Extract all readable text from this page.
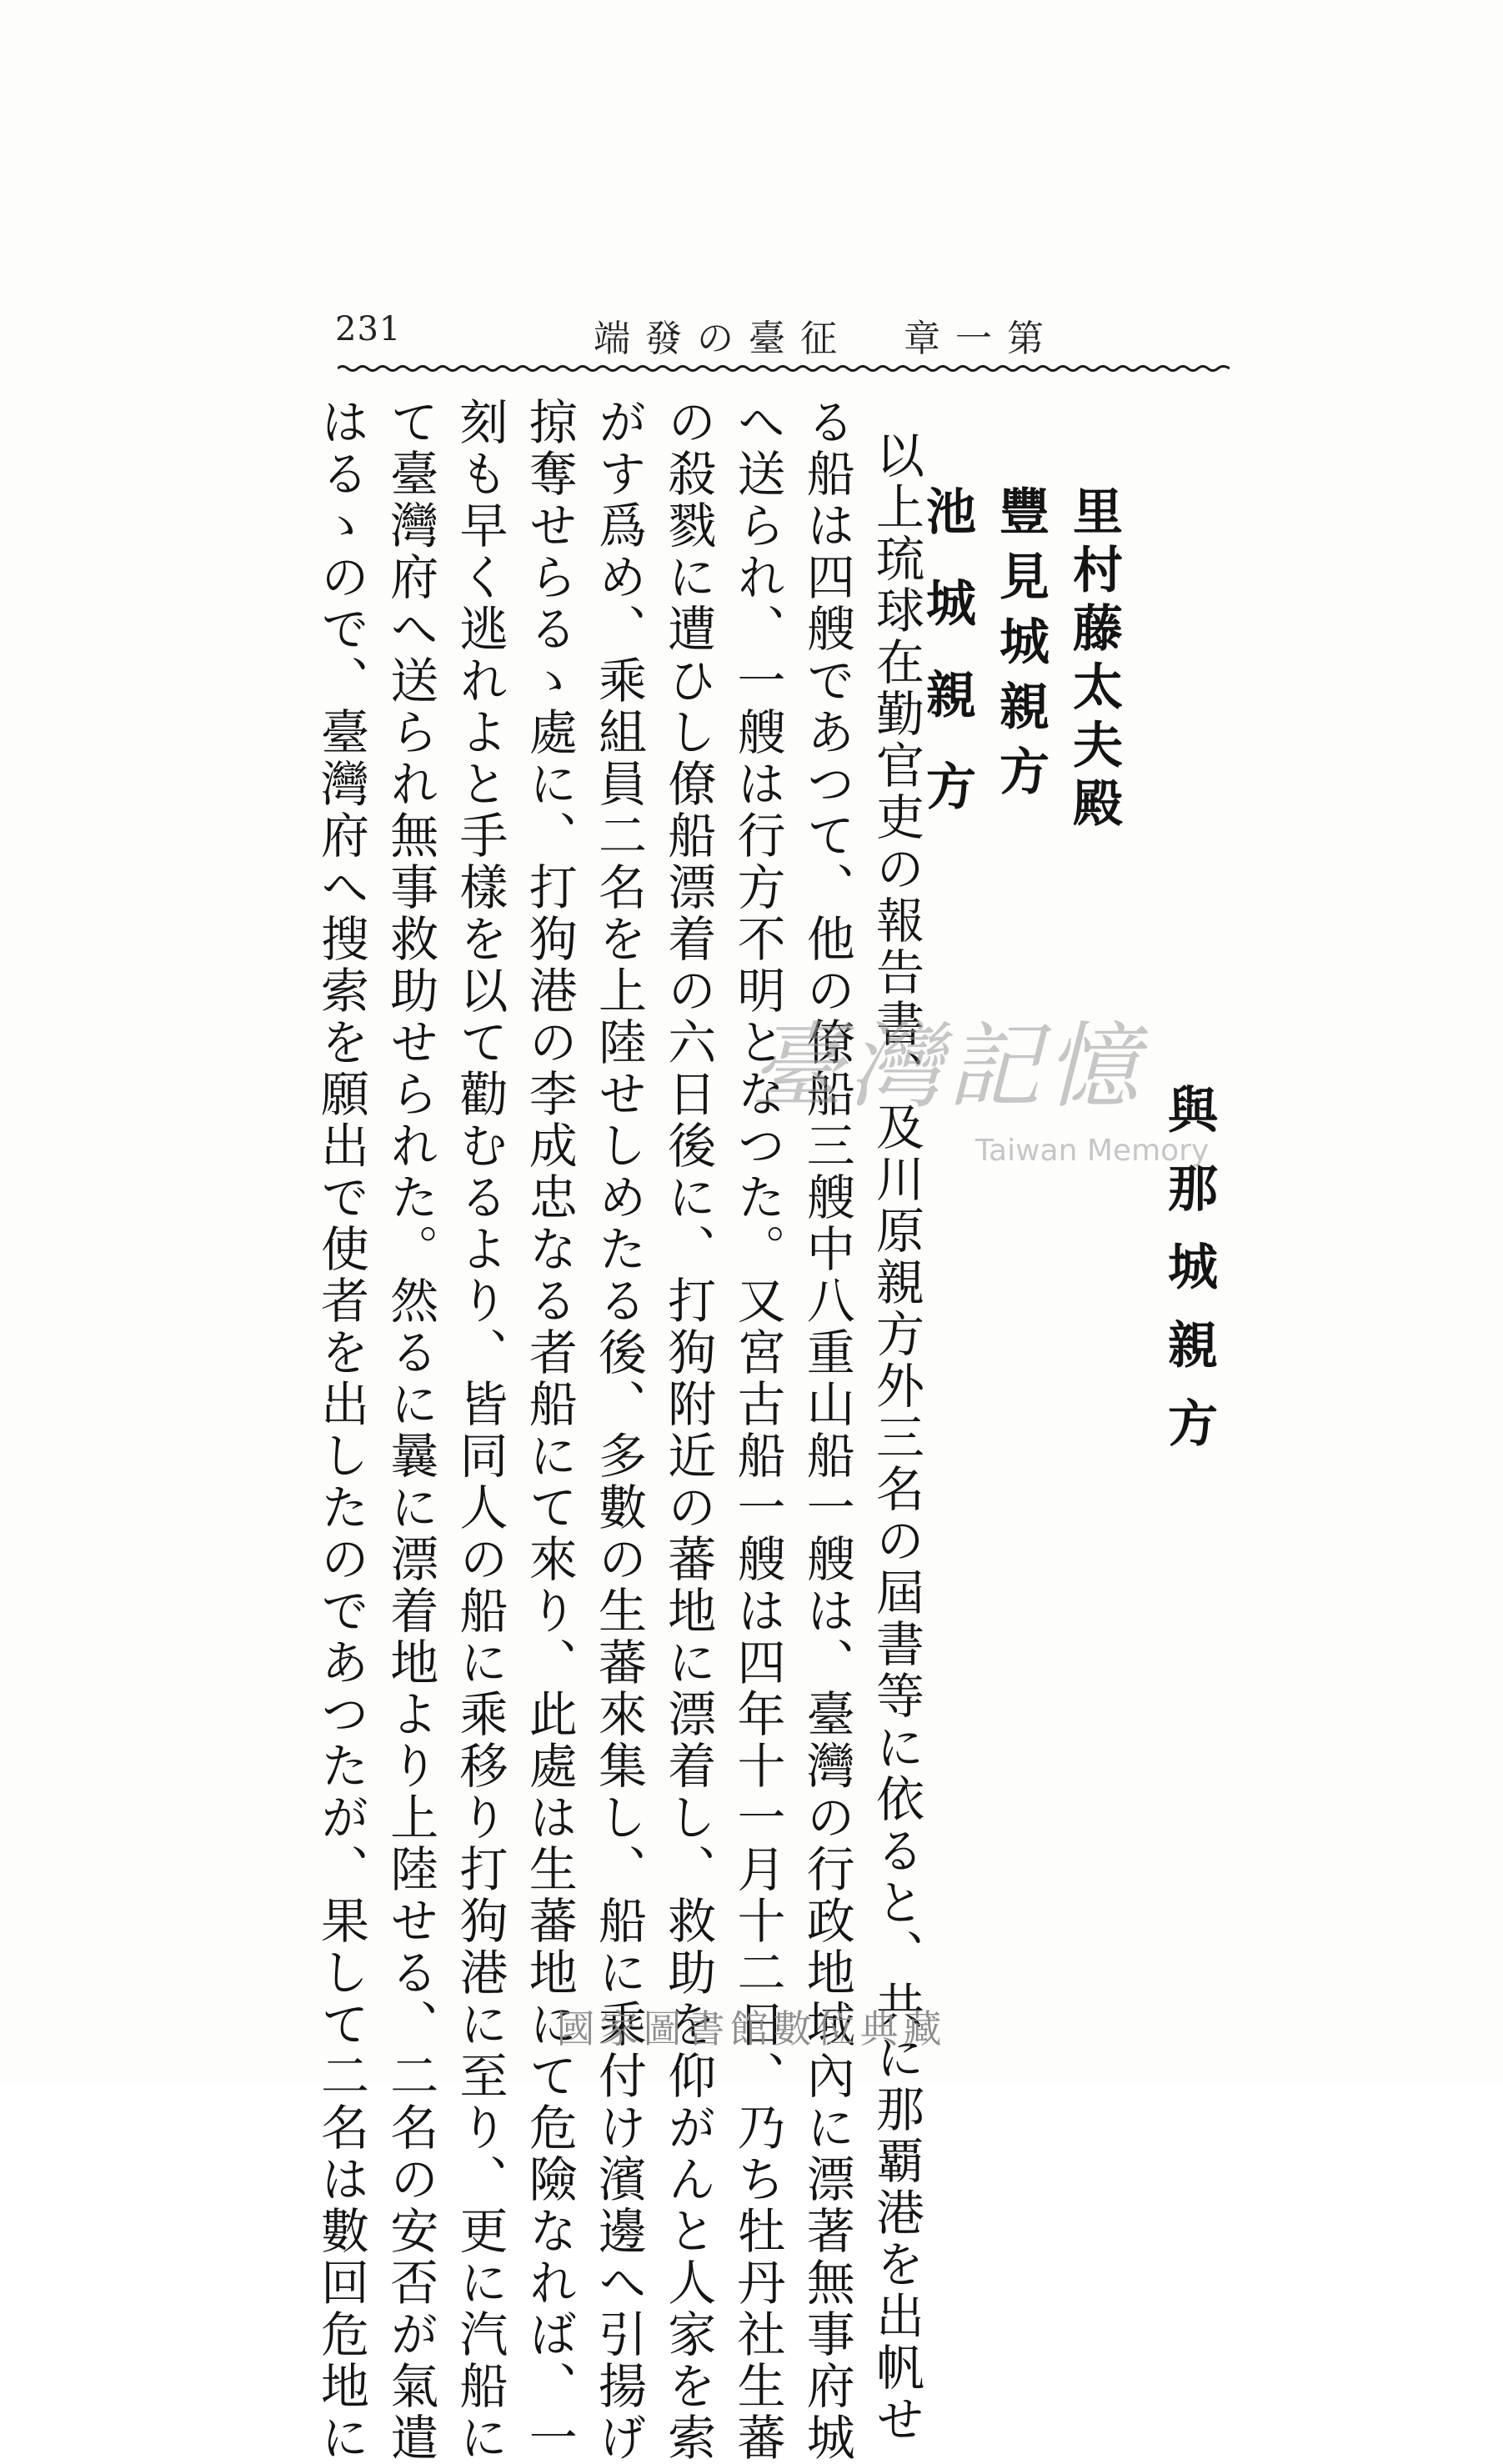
231	第一章　征臺の發端
與那城親方
里村藤太夫殿
豐見城親方
池城親方
以上琉球在勤官吏の報告書、及川原親方外三名の屆書等に依ると、共に那覇港を出帆せ
る船は四艘であつて、他の僚船三艘中八重山船一艘は、臺灣の行政地域內に漂著無事府城
へ送られ、一艘は行方不明となつた。又宮古船一艘は四年十一月十二日、乃ち牡丹社生蕃
の殺戮に遭ひし僚船漂着の六日後に、打狗附近の蕃地に漂着し、救助を仰がんと人家を索
がす爲め、乘組員二名を上陸せしめたる後、多數の生蕃來集し、船に乘付け濱邊へ引揚げ
掠奪せらるゝ處に、打狗港の李成忠なる者船にて來り、此處は生蕃地にて危險なれば、一
刻も早く逃れよと手樣を以て勸むるより、皆同人の船に乘移り打狗港に至り、更に汽船に
て臺灣府へ送られ無事救助せられた。然るに曩に漂着地より上陸せる、二名の安否が氣遣
はるゝので、臺灣府へ搜索を願出で使者を出したのであつたが、果して二名は數回危地に	臺灣記憶
Taiwan Memory
國家圖書館數位典藏
